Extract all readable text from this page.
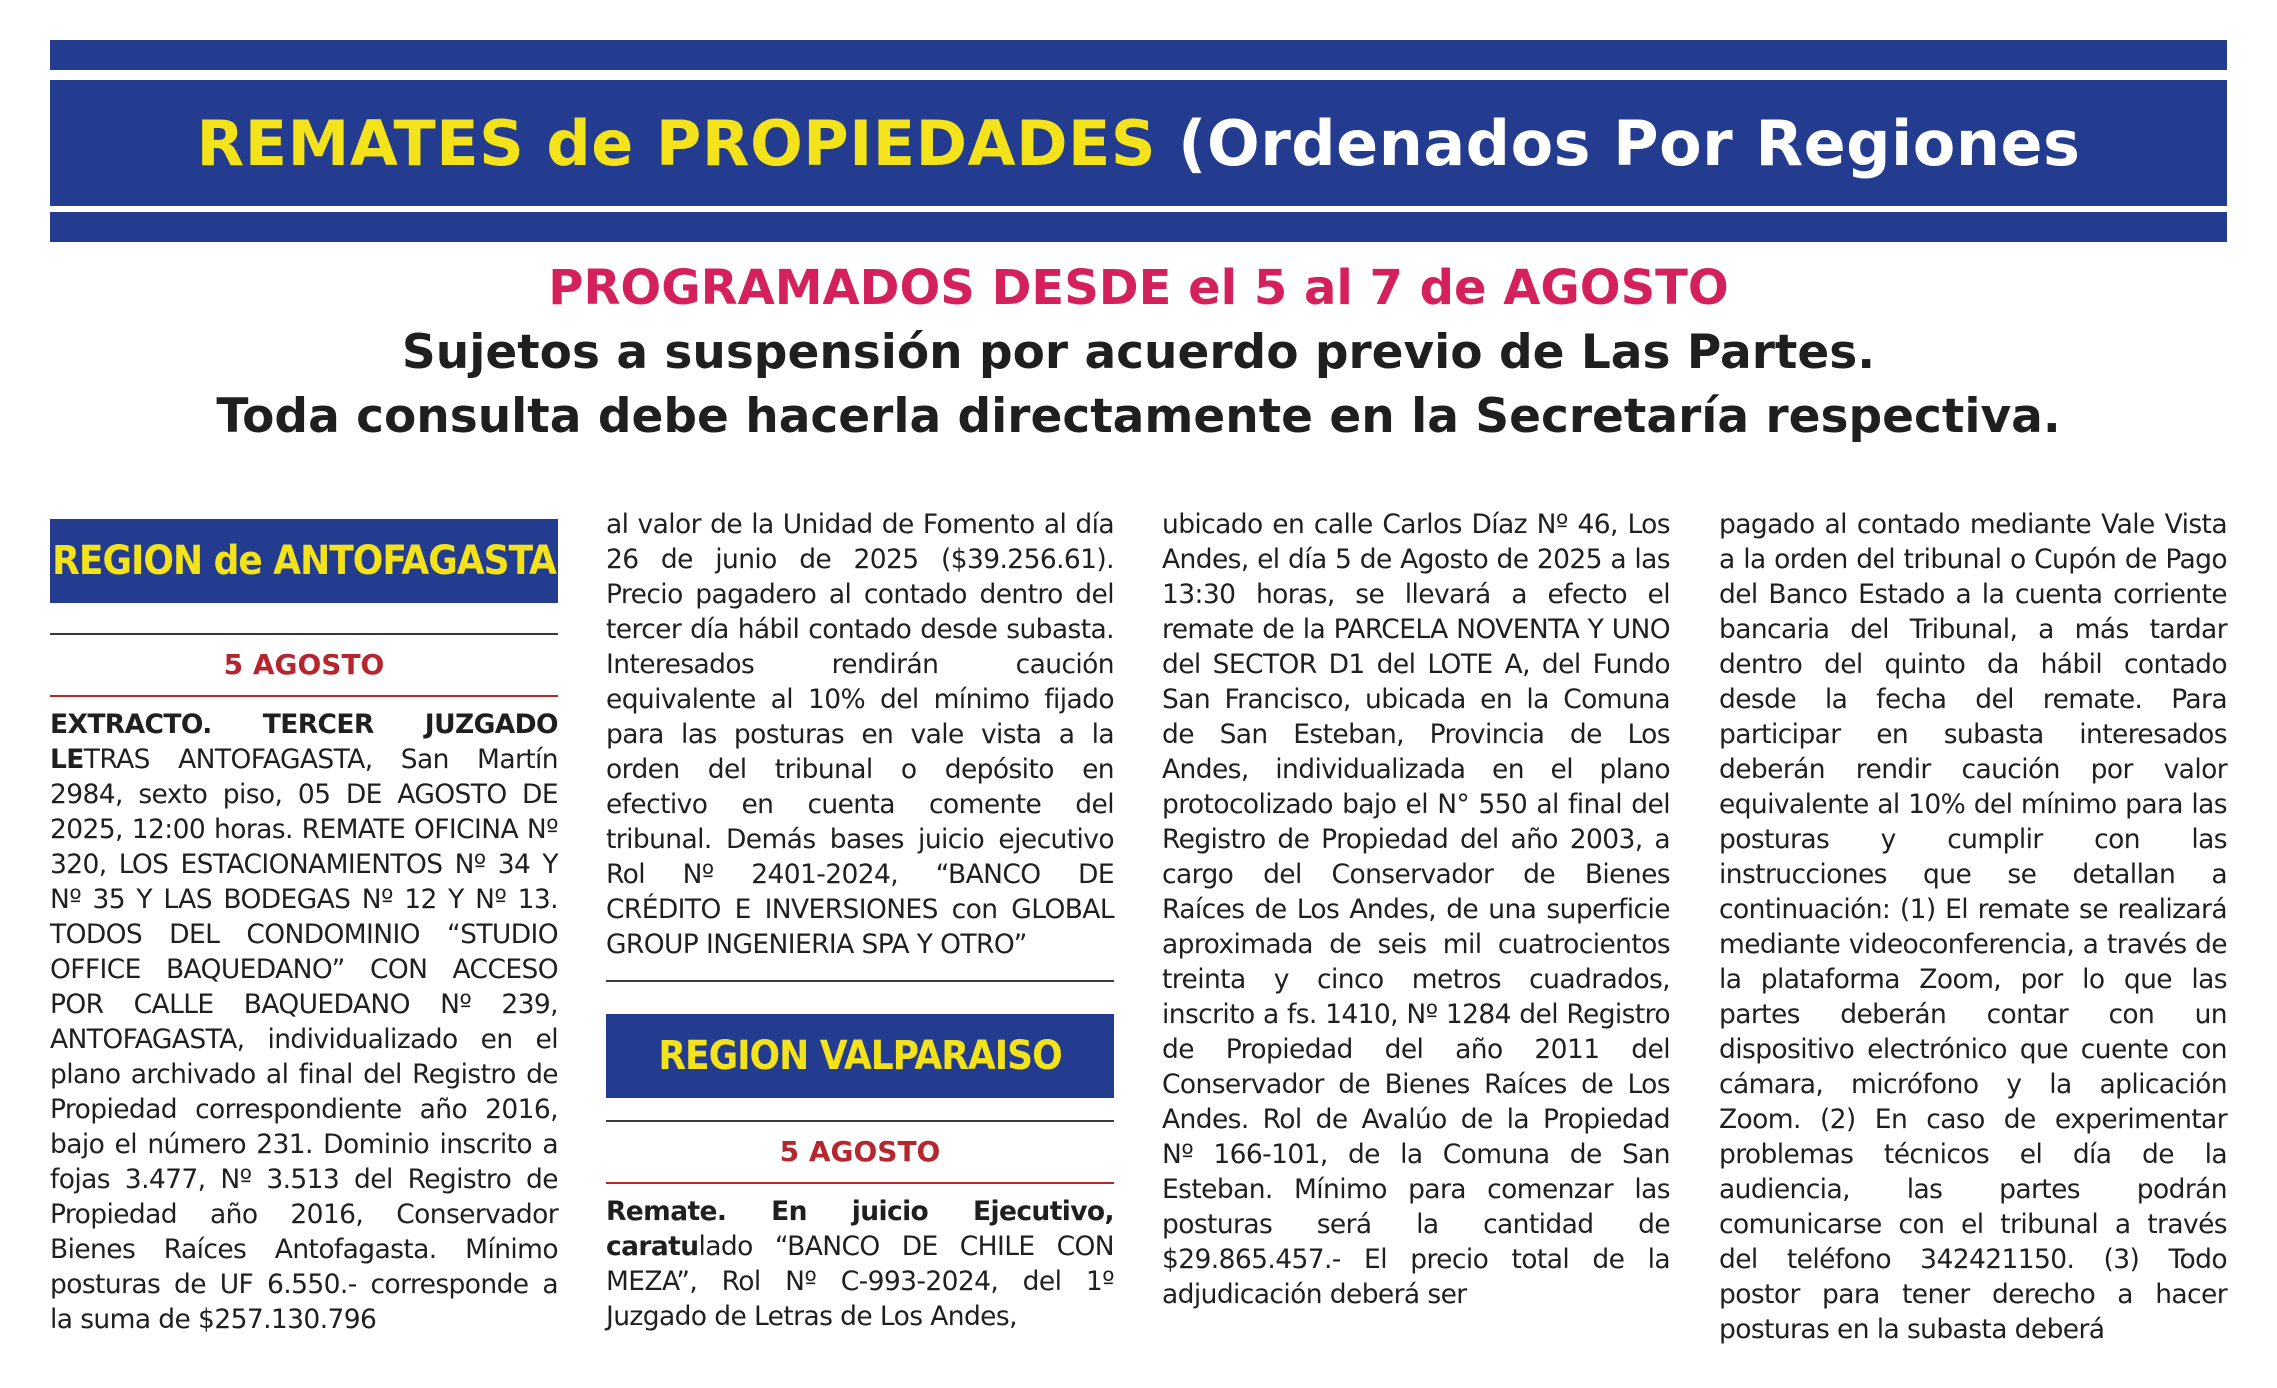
REMATES de PROPIEDADES (Ordenados Por Regiones
PROGRAMADOS DESDE el 5 al 7 de AGOSTO
Sujetos a suspensión por acuerdo previo de Las Partes.
Toda consulta debe hacerla directamente en la Secretaría respectiva.
REGION de ANTOFAGASTA
5 AGOSTO

EXTRACTO. TERCER JUZGADO LETRAS ANTOFAGASTA, San Martín 2984, sexto piso, 05 DE AGOSTO DE 2025, 12:00 horas. REMATE OFICINA Nº 320, LOS ESTACIONAMIENTOS Nº 34 Y Nº 35 Y LAS BODEGAS Nº 12 Y Nº 13. TODOS DEL CONDOMINIO “STUDIO OFFICE BAQUEDANO” CON ACCESO POR CALLE BAQUEDANO Nº 239, ANTOFAGASTA, individualizado en el plano archivado al final del Registro de Propiedad correspondiente año 2016, bajo el número 231. Dominio inscrito a fojas 3.477, Nº 3.513 del Registro de Propiedad año 2016, Conservador Bienes Raíces Antofagasta. Mínimo posturas de UF 6.550.- corresponde a la suma de $257.130.796

al valor de la Unidad de Fomento al día 26 de junio de 2025 ($39.256.61). Precio pagadero al contado dentro del tercer día hábil contado desde subasta. Interesados rendirán caución equivalente al 10% del mínimo fijado para las posturas en vale vista a la orden del tribunal o depósito en efectivo en cuenta comente del tribunal. Demás bases juicio ejecutivo Rol Nº 2401-2024, “BANCO DE CRÉDITO E INVERSIONES con GLOBAL GROUP INGENIERIA SPA Y OTRO”

REGION VALPARAISO
5 AGOSTO

Remate. En juicio Ejecutivo, caratulado “BANCO DE CHILE CON MEZA”, Rol Nº C-993-2024, del 1º Juzgado de Letras de Los Andes,

ubicado en calle Carlos Díaz Nº 46, Los Andes, el día 5 de Agosto de 2025 a las 13:30 horas, se llevará a efecto el remate de la PARCELA NOVENTA Y UNO del SECTOR D1 del LOTE A, del Fundo San Francisco, ubicada en la Comuna de San Esteban, Provincia de Los Andes, individualizada en el plano protocolizado bajo el N° 550 al final del Registro de Propiedad del año 2003, a cargo del Conservador de Bienes Raíces de Los Andes, de una superficie aproximada de seis mil cuatrocientos treinta y cinco metros cuadrados, inscrito a fs. 1410, Nº 1284 del Registro de Propiedad del año 2011 del Conservador de Bienes Raíces de Los Andes. Rol de Avalúo de la Propiedad Nº 166-101, de la Comuna de San Esteban. Mínimo para comenzar las posturas será la cantidad de $29.865.457.- El precio total de la adjudicación deberá ser

pagado al contado mediante Vale Vista a la orden del tribunal o Cupón de Pago del Banco Estado a la cuenta corriente bancaria del Tribunal, a más tardar dentro del quinto da hábil contado desde la fecha del remate. Para participar en subasta interesados deberán rendir caución por valor equivalente al 10% del mínimo para las posturas y cumplir con las instrucciones que se detallan a continuación: (1) El remate se realizará mediante videoconferencia, a través de la plataforma Zoom, por lo que las partes deberán contar con un dispositivo electrónico que cuente con cámara, micrófono y la aplicación Zoom. (2) En caso de experimentar problemas técnicos el día de la audiencia, las partes podrán comunicarse con el tribunal a través del teléfono 342421150. (3) Todo postor para tener derecho a hacer posturas en la subasta deberá
